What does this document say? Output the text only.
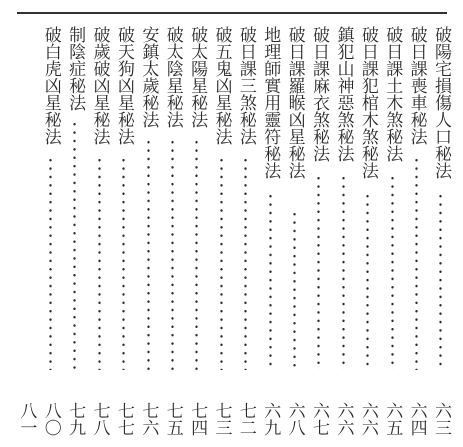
破陽宅損傷人口秘法
六三
破日課喪車秘法
六四
破日課土木煞秘法
六五
破日課犯棺木煞秘法
六六
鎮犯山神惡煞秘法
六六
破日課麻衣煞秘法
六七
破日課羅睺凶星秘法
六八
地理師實用靈符秘法
六九
破日課三煞秘法
七二
破五鬼凶星秘法
七三
破太陽星秘法
七四
破太陰星秘法
七五
安鎮太歲秘法
七六
破天狗凶星秘法
七七
破歲破凶星秘法
七八
制陰症秘法
七九
破白虎凶星秘法
八〇
八一
